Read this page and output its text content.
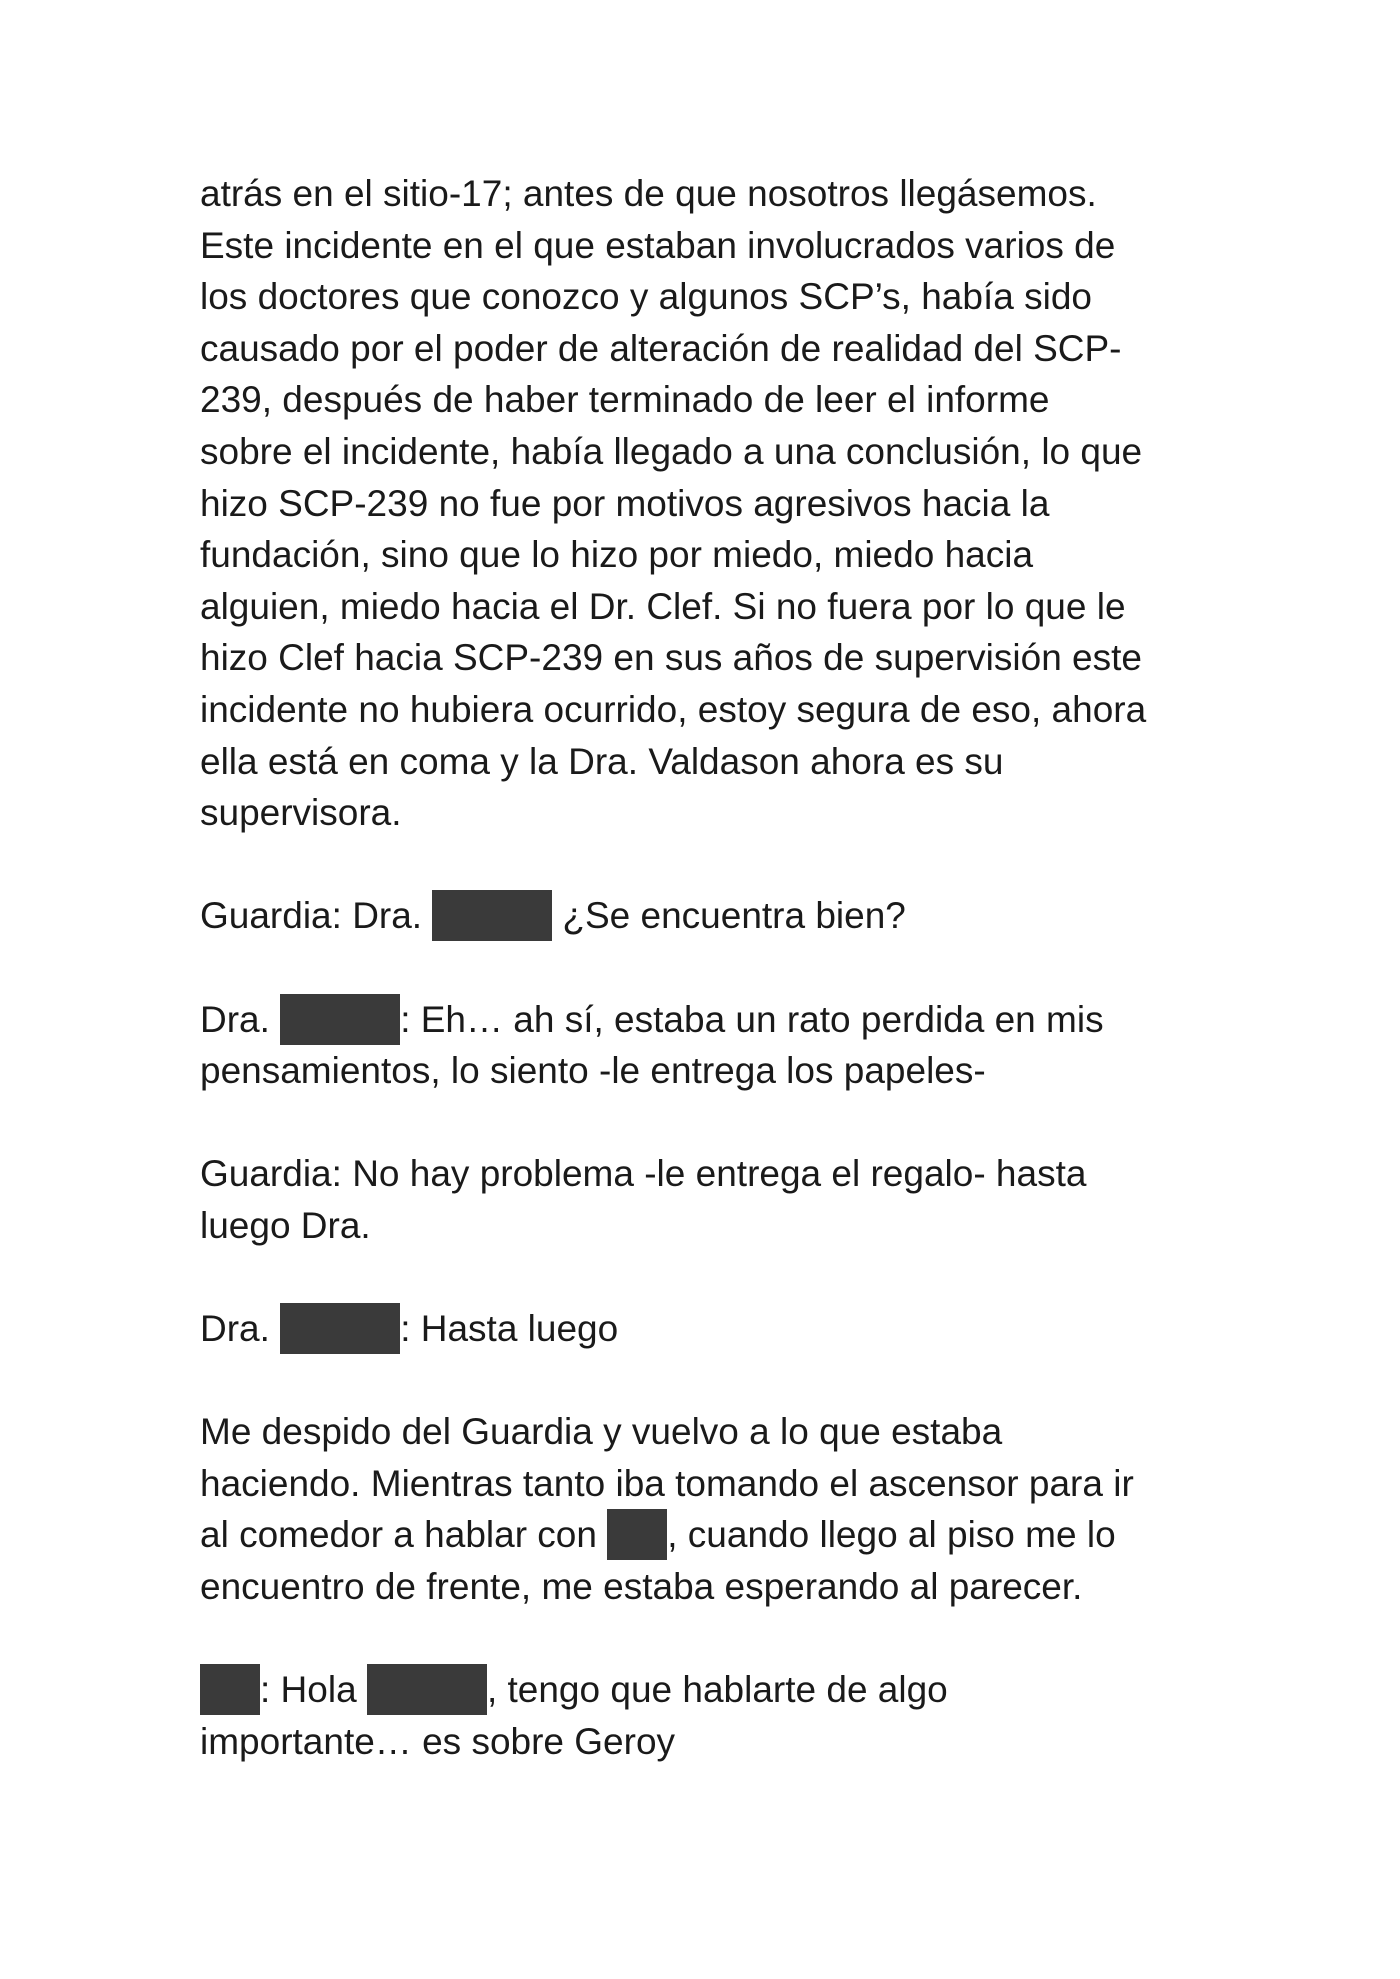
atrás en el sitio-17; antes de que nosotros llegásemos.
Este incidente en el que estaban involucrados varios de
los doctores que conozco y algunos SCP’s, había sido
causado por el poder de alteración de realidad del SCP-
239, después de haber terminado de leer el informe
sobre el incidente, había llegado a una conclusión, lo que
hizo SCP-239 no fue por motivos agresivos hacia la
fundación, sino que lo hizo por miedo, miedo hacia
alguien, miedo hacia el Dr. Clef. Si no fuera por lo que le
hizo Clef hacia SCP-239 en sus años de supervisión este
incidente no hubiera ocurrido, estoy segura de eso, ahora
ella está en coma y la Dra. Valdason ahora es su
supervisora.

Guardia: Dra.	¿Se encuentra bien?

Dra.	: Eh… ah sí, estaba un rato perdida en mis
pensamientos, lo siento -le entrega los papeles-

Guardia: No hay problema -le entrega el regalo- hasta
luego Dra.

Dra.	: Hasta luego

Me despido del Guardia y vuelvo a lo que estaba
haciendo. Mientras tanto iba tomando el ascensor para ir
al comedor a hablar con , cuando llego al piso me lo
encuentro de frente, me estaba esperando al parecer.

: Hola	, tengo que hablarte de algo
importante… es sobre Geroy
